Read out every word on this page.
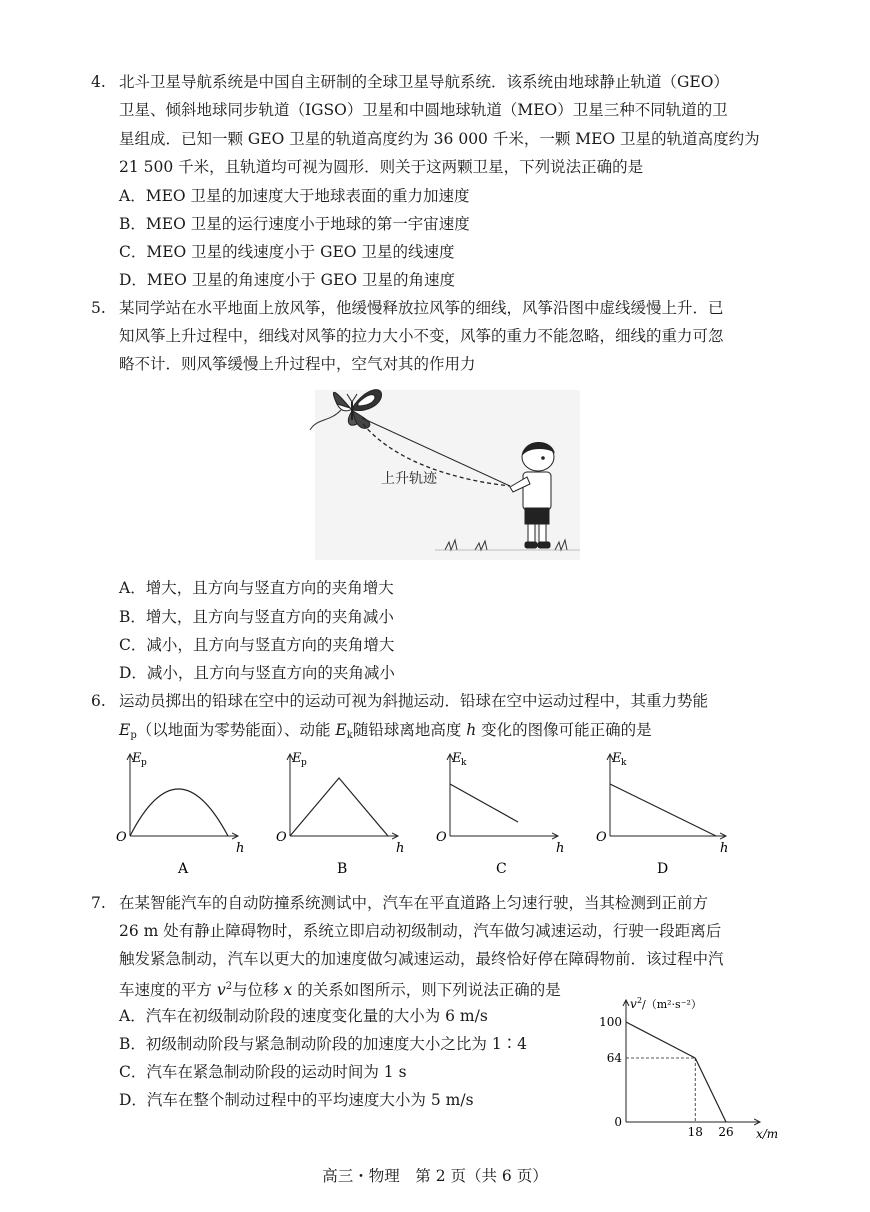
4. 北斗卫星导航系统是中国自主研制的全球卫星导航系统．该系统由地球静止轨道（GEO）
卫星、倾斜地球同步轨道（IGSO）卫星和中圆地球轨道（MEO）卫星三种不同轨道的卫
星组成．已知一颗 GEO 卫星的轨道高度约为 36 000 千米，一颗 MEO 卫星的轨道高度约为
21 500 千米，且轨道均可视为圆形．则关于这两颗卫星，下列说法正确的是
A．MEO 卫星的加速度大于地球表面的重力加速度
B．MEO 卫星的运行速度小于地球的第一宇宙速度
C．MEO 卫星的线速度小于 GEO 卫星的线速度
D．MEO 卫星的角速度小于 GEO 卫星的角速度
5. 某同学站在水平地面上放风筝，他缓慢释放拉风筝的细线，风筝沿图中虚线缓慢上升．已
知风筝上升过程中，细线对风筝的拉力大小不变，风筝的重力不能忽略，细线的重力可忽
略不计．则风筝缓慢上升过程中，空气对其的作用力
上升轨迹
A．增大，且方向与竖直方向的夹角增大
B．增大，且方向与竖直方向的夹角减小
C．减小，且方向与竖直方向的夹角增大
D．减小，且方向与竖直方向的夹角减小
6. 运动员掷出的铅球在空中的运动可视为斜抛运动．铅球在空中运动过程中，其重力势能
$E_p$（以地面为零势能面）、动能 $E_k$随铅球离地高度 h 变化的图像可能正确的是
E p
O
h
A
E p
O
h
B
E k
O
h
C
E k
O
h
D
7. 在某智能汽车的自动防撞系统测试中，汽车在平直道路上匀速行驶，当其检测到正前方
26 m 处有静止障碍物时，系统立即启动初级制动，汽车做匀减速运动，行驶一段距离后
触发紧急制动，汽车以更大的加速度做匀减速运动，最终恰好停在障碍物前．该过程中汽
车速度的平方 $v^2$与位移 x 的关系如图所示，则下列说法正确的是
A．汽车在初级制动阶段的速度变化量的大小为 6 m/s
B．初级制动阶段与紧急制动阶段的加速度大小之比为 1∶4
C．汽车在紧急制动阶段的运动时间为 1 s
D．汽车在整个制动过程中的平均速度大小为 5 m/s
100
64
0
18 26
v 2 /（m²·s⁻²）
x/m
高三・物理　第 2 页（共 6 页）
